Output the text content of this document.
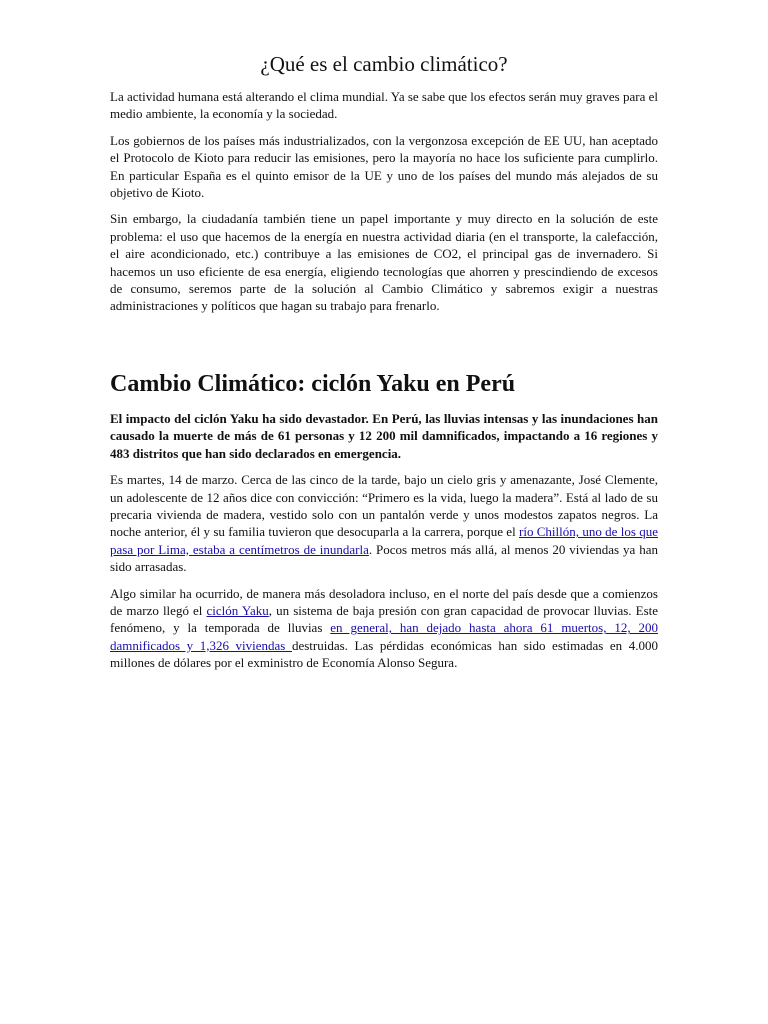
¿Qué es el cambio climático?

La actividad humana está alterando el clima mundial. Ya se sabe que los efectos serán muy graves para el medio ambiente, la economía y la sociedad.

Los gobiernos de los países más industrializados, con la vergonzosa excepción de EE UU, han aceptado el Protocolo de Kioto para reducir las emisiones, pero la mayoría no hace los suficiente para cumplirlo. En particular España es el quinto emisor de la UE y uno de los países del mundo más alejados de su objetivo de Kioto.

Sin embargo, la ciudadanía también tiene un papel importante y muy directo en la solución de este problema: el uso que hacemos de la energía en nuestra actividad diaria (en el transporte, la calefacción, el aire acondicionado, etc.) contribuye a las emisiones de CO2, el principal gas de invernadero. Si hacemos un uso eficiente de esa energía, eligiendo tecnologías que ahorren y prescindiendo de excesos de consumo, seremos parte de la solución al Cambio Climático y sabremos exigir a nuestras administraciones y políticos que hagan su trabajo para frenarlo.

Cambio Climático: ciclón Yaku en Perú

El impacto del ciclón Yaku ha sido devastador. En Perú, las lluvias intensas y las inundaciones han causado la muerte de más de 61 personas y 12 200 mil damnificados, impactando a 16 regiones y 483 distritos que han sido declarados en emergencia.

Es martes, 14 de marzo. Cerca de las cinco de la tarde, bajo un cielo gris y amenazante, José Clemente, un adolescente de 12 años dice con convicción: “Primero es la vida, luego la madera”. Está al lado de su precaria vivienda de madera, vestido solo con un pantalón verde y unos modestos zapatos negros. La noche anterior, él y su familia tuvieron que desocuparla a la carrera, porque el río Chillón, uno de los que pasa por Lima, estaba a centímetros de inundarla. Pocos metros más allá, al menos 20 viviendas ya han sido arrasadas.

Algo similar ha ocurrido, de manera más desoladora incluso, en el norte del país desde que a comienzos de marzo llegó el ciclón Yaku, un sistema de baja presión con gran capacidad de provocar lluvias. Este fenómeno, y la temporada de lluvias en general, han dejado hasta ahora 61 muertos, 12, 200 damnificados y 1,326 viviendas destruidas. Las pérdidas económicas han sido estimadas en 4.000 millones de dólares por el exministro de Economía Alonso Segura.
